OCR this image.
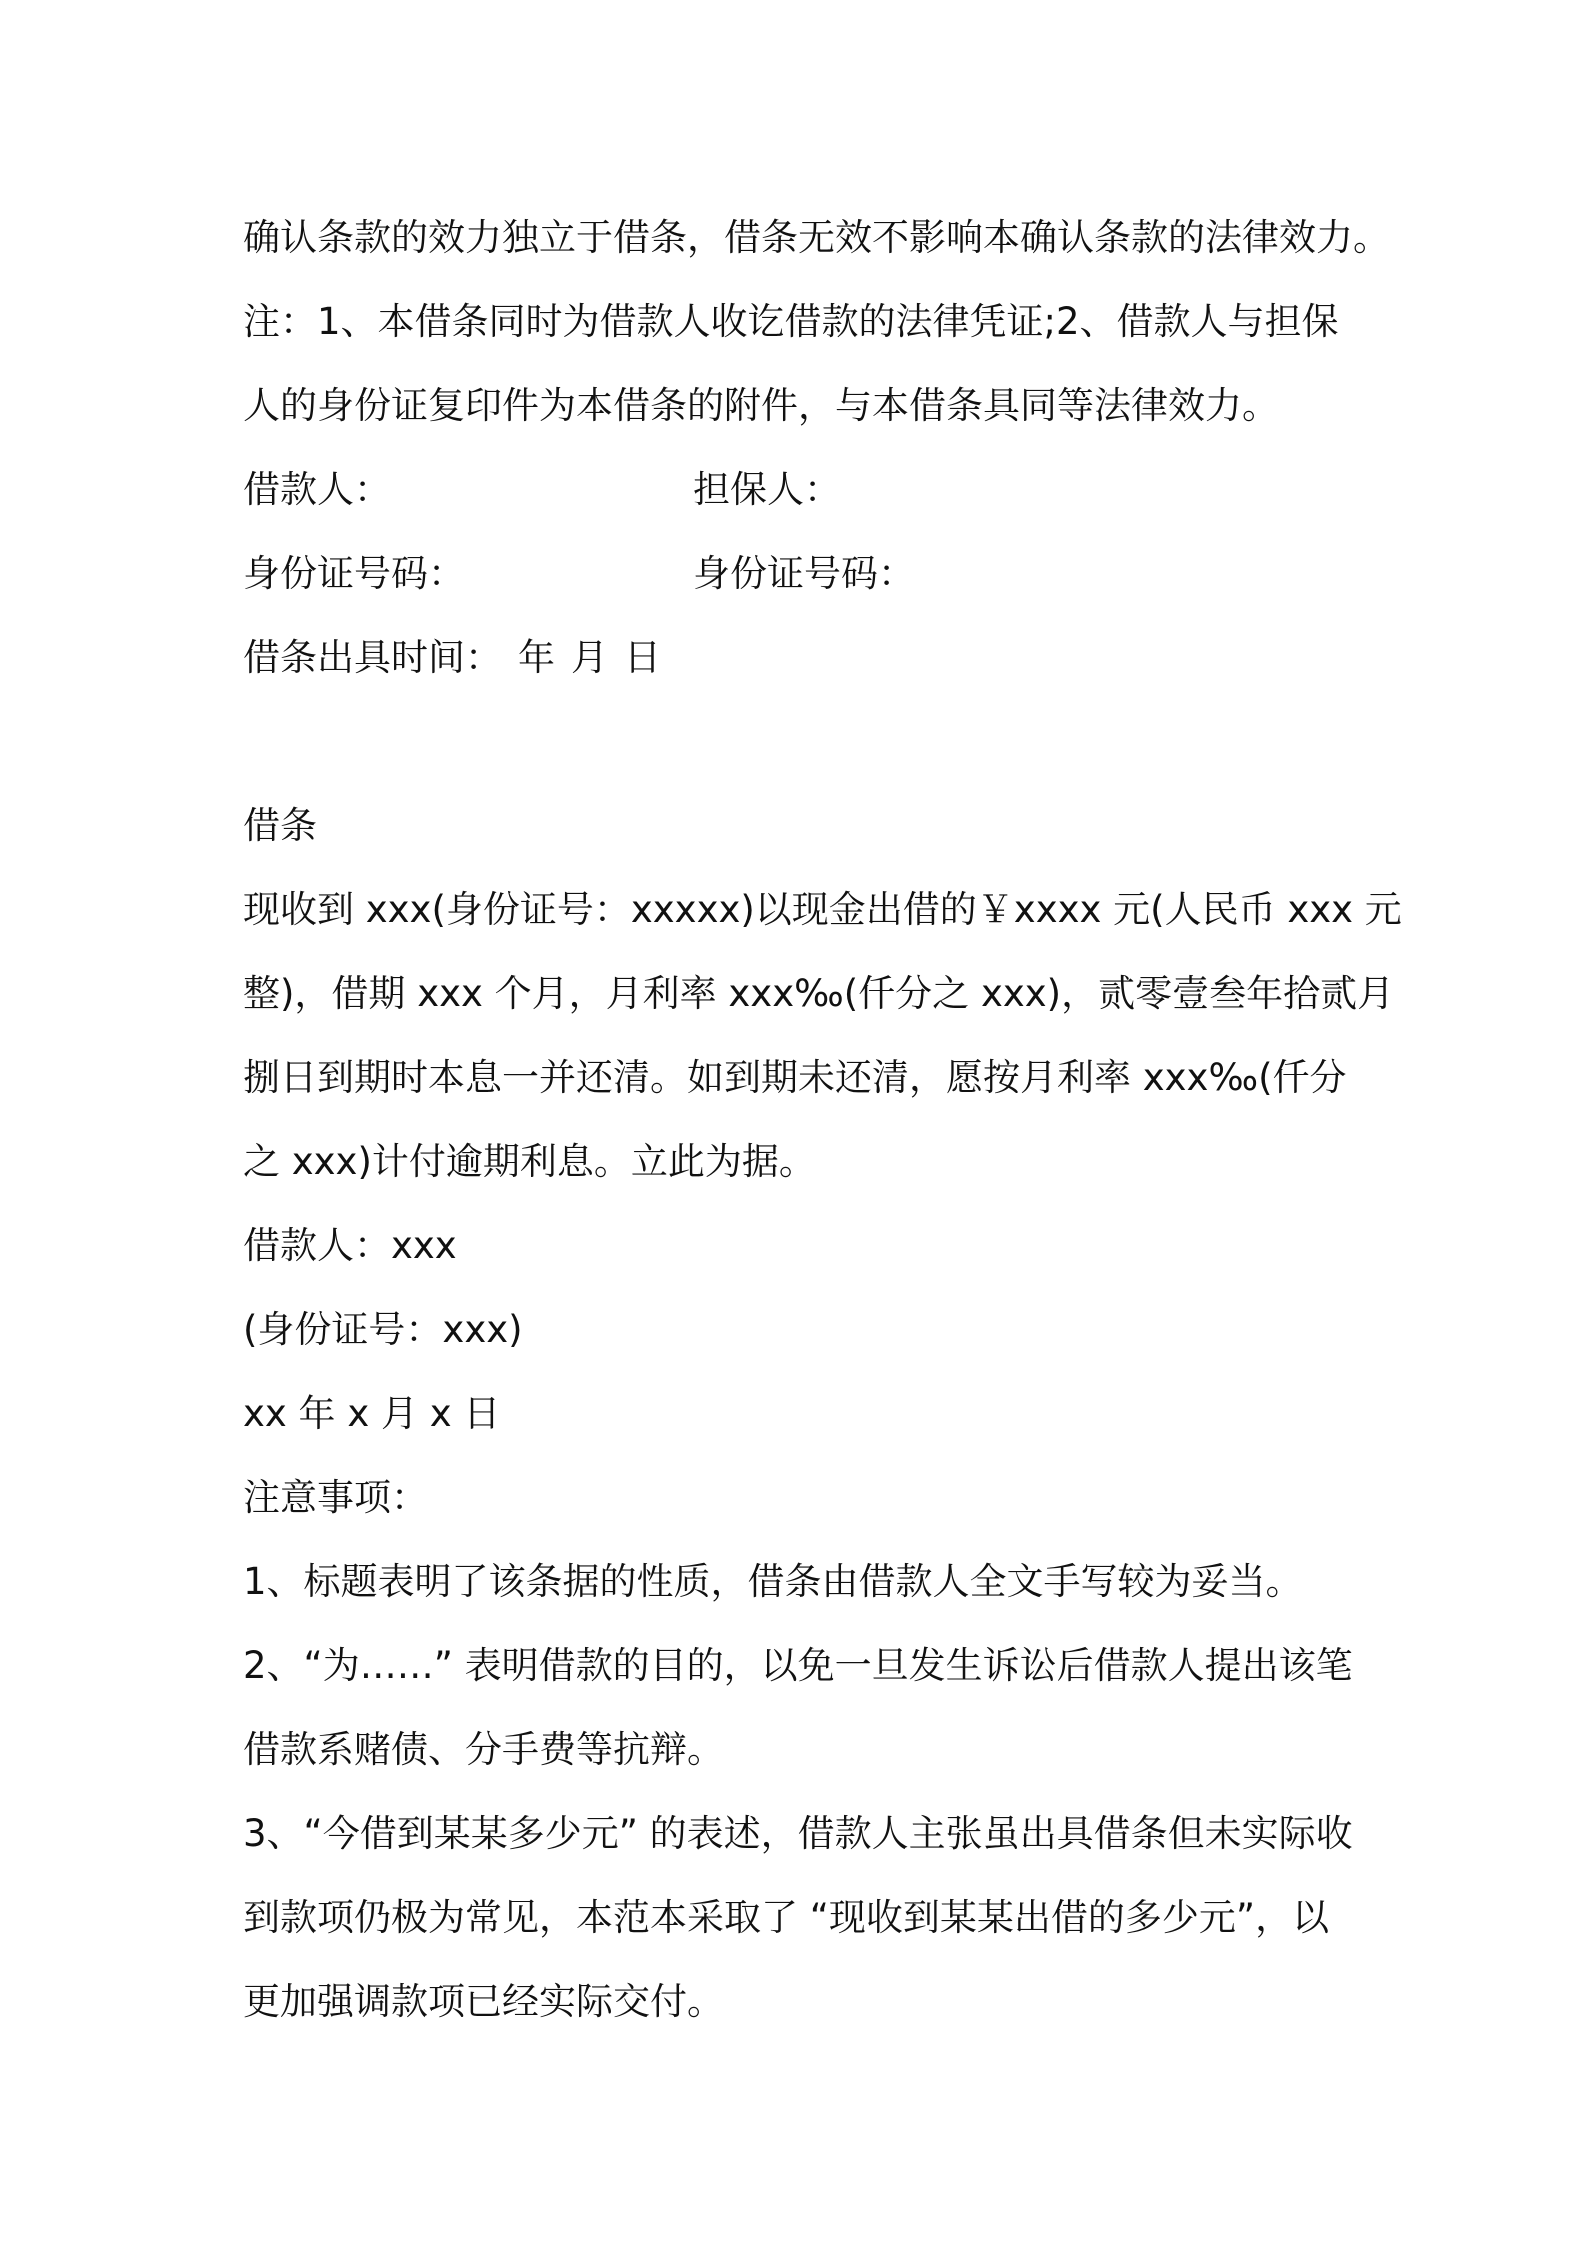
确认条款的效力独立于借条，借条无效不影响本确认条款的法律效力。
注：1、本借条同时为借款人收讫借款的法律凭证;2、借款人与担保
人的身份证复印件为本借条的附件，与本借条具同等法律效力。
借款人：	担保人：
身份证号码：	身份证号码：
借条出具时间： 年 月 日
借条
现收到 xxx(身份证号：xxxxx)以现金出借的￥xxxx 元(人民币 xxx 元
整)，借期 xxx 个月，月利率 xxx‰(仟分之 xxx)，贰零壹叁年拾贰月
捌日到期时本息一并还清。如到期未还清，愿按月利率 xxx‰(仟分
之 xxx)计付逾期利息。立此为据。
借款人：xxx
(身份证号：xxx)
xx 年 x 月 x 日
注意事项：
1、标题表明了该条据的性质，借条由借款人全文手写较为妥当。
2、“为……” 表明借款的目的，以免一旦发生诉讼后借款人提出该笔
借款系赌债、分手费等抗辩。
3、“今借到某某多少元” 的表述，借款人主张虽出具借条但未实际收
到款项仍极为常见，本范本采取了 “现收到某某出借的多少元”，以
更加强调款项已经实际交付。
